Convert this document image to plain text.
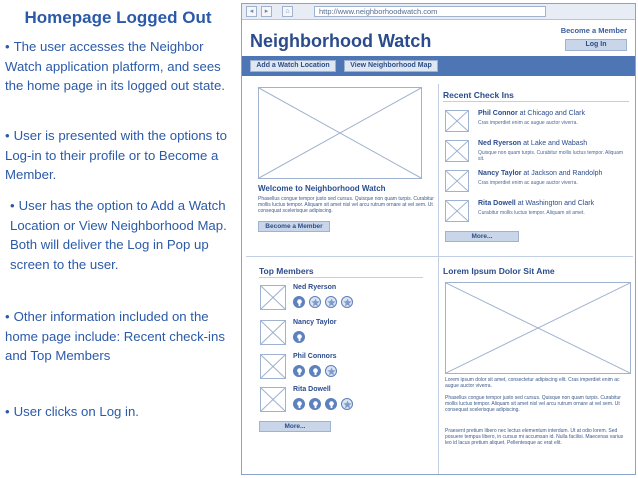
Homepage Logged Out
• The user accesses the Neighbor Watch application platform, and sees the home page in its logged out state.
• User is presented with the options to Log-in to their profile or to Become a Member.
• User has the option to Add a Watch Location or View Neighborhood Map. Both will deliver the Log in Pop up screen to the user.
• Other information included on the home page include: Recent check-ins and Top Members
• User clicks on Log in.
◂	▸	⌂	http://www.neighborhoodwatch.com
Become a Member
Log In
Neighborhood Watch
Add a Watch Location	View Neighborhood Map
Welcome to Neighborhood Watch
Phasellus congue tempor justo sed cursus. Quisque non quam turpis. Curabitur mollis luctus tempor. Aliquam sit amet nisl vel arcu rutrum ornare at vel sem. Ut consequat scelerisque adipiscing.
Become a Member
Recent Check Ins
Phil Connor at Chicago and Clark
Cras imperdiet enim ac augue auctor viverra.
Ned Ryerson at Lake and Wabash
Quisque non quam turpis. Curabitur mollis luctus tempor. Aliquam sit.
Nancy Taylor at Jackson and Randolph
Cras imperdiet enim ac augue auctor viverra.
Rita Dowell at Washington and Clark
Curabitur mollis luctus tempor. Aliquam sit amet.
More...
Top Members
Ned Ryerson
Nancy Taylor
Phil Connors
Rita Dowell
More...
Lorem Ipsum Dolor Sit Ame
Lorem ipsum dolor sit amet, consectetur adipiscing elit. Cras imperdiet enim ac augue auctor viverra.
Phasellus congue tempor justo sed cursus. Quisque non quam turpis. Curabitur mollis luctus tempor. Aliquam sit amet nisl vel arcu rutrum ornare at vel sem. Ut consequat scelerisque adipiscing.
Praesent pretium libero nec lectus elementum interdum. Ut at odio lorem. Sed posuere tempus libero, in cursus mi accumsan id. Nulla facilisi. Maecenas varius leo id lacus pretium aliquet. Pellentesque ac erat elit.
